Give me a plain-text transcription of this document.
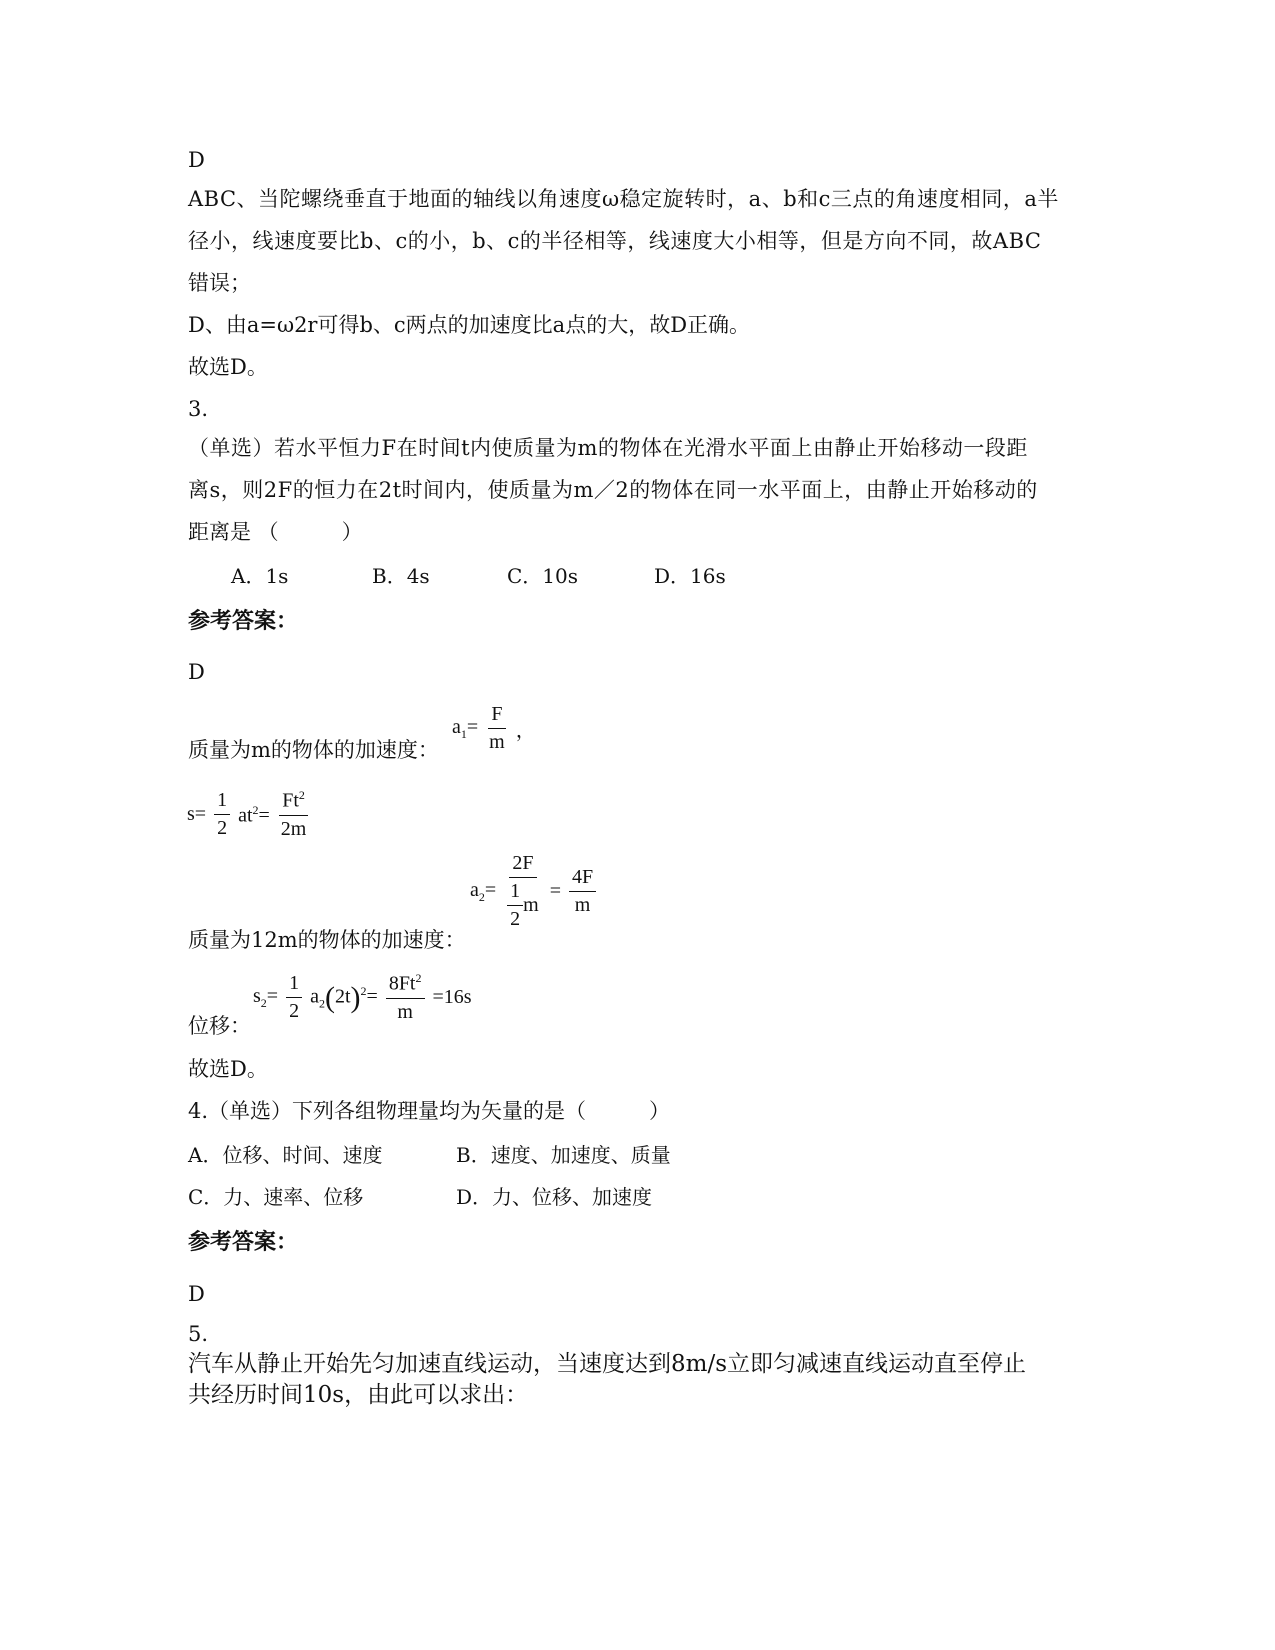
D
ABC、当陀螺绕垂直于地面的轴线以角速度ω稳定旋转时，a、b和c三点的角速度相同，a半
径小，线速度要比b、c的小，b、c的半径相等，线速度大小相等，但是方向不同，故ABC
错误；
D、由a=ω2r可得b、c两点的加速度比a点的大，故D正确。
故选D。
3.
（单选）若水平恒力F在时间t内使质量为m的物体在光滑水平面上由静止开始移动一段距
离s，则2F的恒力在2t时间内，使质量为m／2的物体在同一水平面上，由静止开始移动的
距离是 （　　　）
A．1s	B．4s	C．10s	D．16s
参考答案：
D
质量为m的物体的加速度：
$a_1= \frac{F}{m}$ ，
$s= \frac{1}{2} at^2= \frac{Ft^2}{2m}$
$a_2= \frac{2F}{\frac{1}{2} m} = \frac{4F}{m}$
质量为12m的物体的加速度：
$s_2= \frac{1}{2} a_2(2t)^2= \frac{8Ft^2}{m} =16s$
位移：
故选D。
4.（单选）下列各组物理量均为矢量的是（　　　）
A．位移、时间、速度	B．速度、加速度、质量
C．力、速率、位移	D．力、位移、加速度
参考答案：
D
5.
汽车从静止开始先匀加速直线运动，当速度达到8m/s立即匀减速直线运动直至停止
共经历时间10s，由此可以求出：
